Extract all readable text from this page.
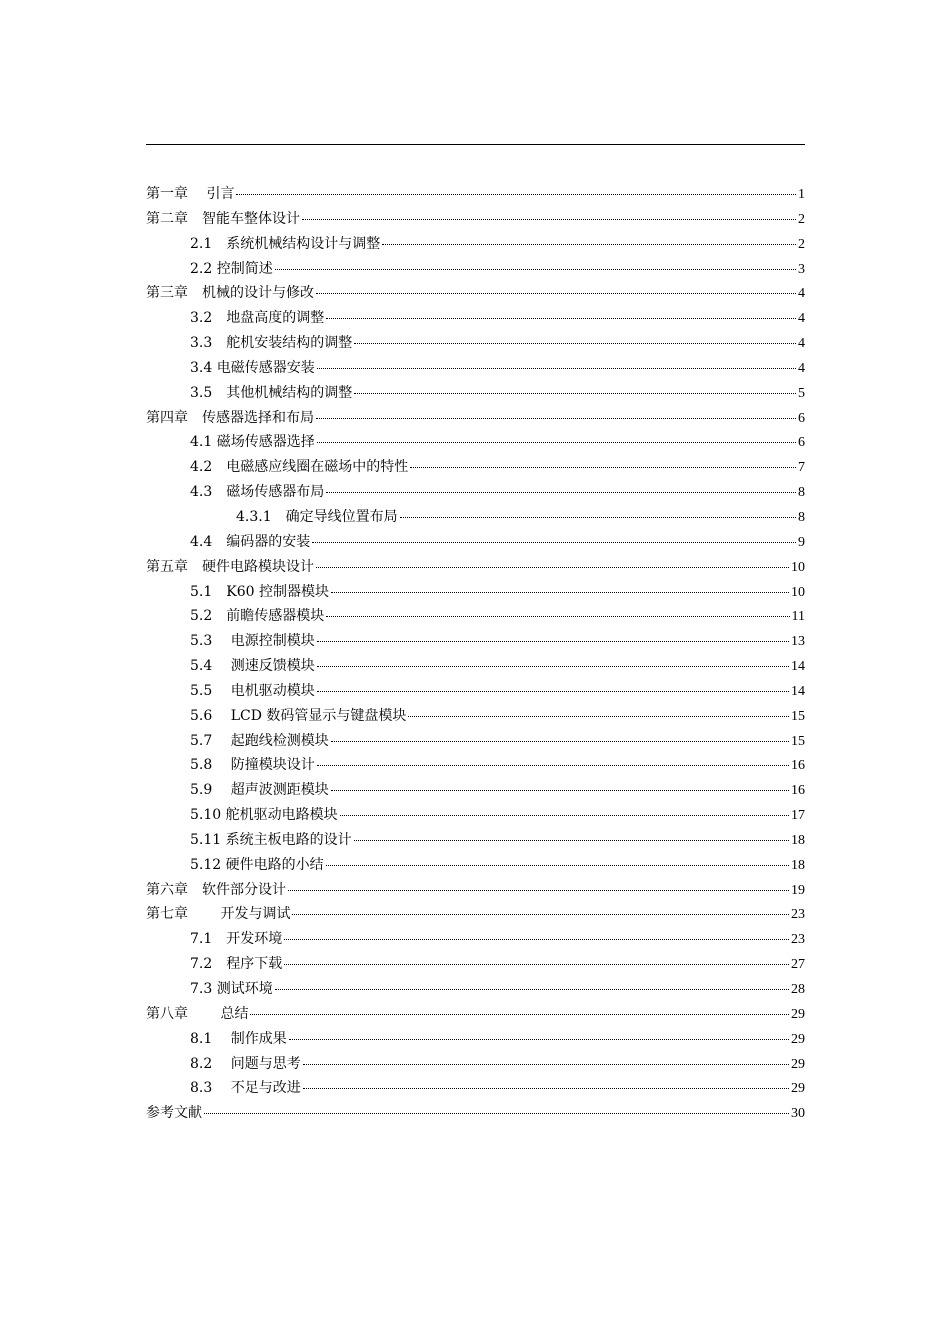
第一章　 引言	1
第二章　智能车整体设计	2
2.1　系统机械结构设计与调整	2
2.2 控制简述	3
第三章　机械的设计与修改	4
3.2　地盘高度的调整	4
3.3　舵机安装结构的调整	4
3.4 电磁传感器安装	4
3.5　其他机械结构的调整	5
第四章　传感器选择和布局	6
4.1 磁场传感器选择	6
4.2　电磁感应线圈在磁场中的特性	7
4.3　磁场传感器布局	8
4.3.1　确定导线位置布局	8
4.4　编码器的安装	9
第五章　硬件电路模块设计	10
5.1　K60 控制器模块	10
5.2　前瞻传感器模块	11
5.3　 电源控制模块	13
5.4　 测速反馈模块	14
5.5　 电机驱动模块	14
5.6　 LCD 数码管显示与键盘模块	15
5.7　 起跑线检测模块	15
5.8　 防撞模块设计	16
5.9　 超声波测距模块	16
5.10 舵机驱动电路模块	17
5.11 系统主板电路的设计	18
5.12 硬件电路的小结	18
第六章　软件部分设计	19
第七章　　 开发与调试	23
7.1　开发环境	23
7.2　程序下载	27
7.3 测试环境	28
第八章　　 总结	29
8.1　 制作成果	29
8.2　 问题与思考	29
8.3　 不足与改进	29
参考文献	30
